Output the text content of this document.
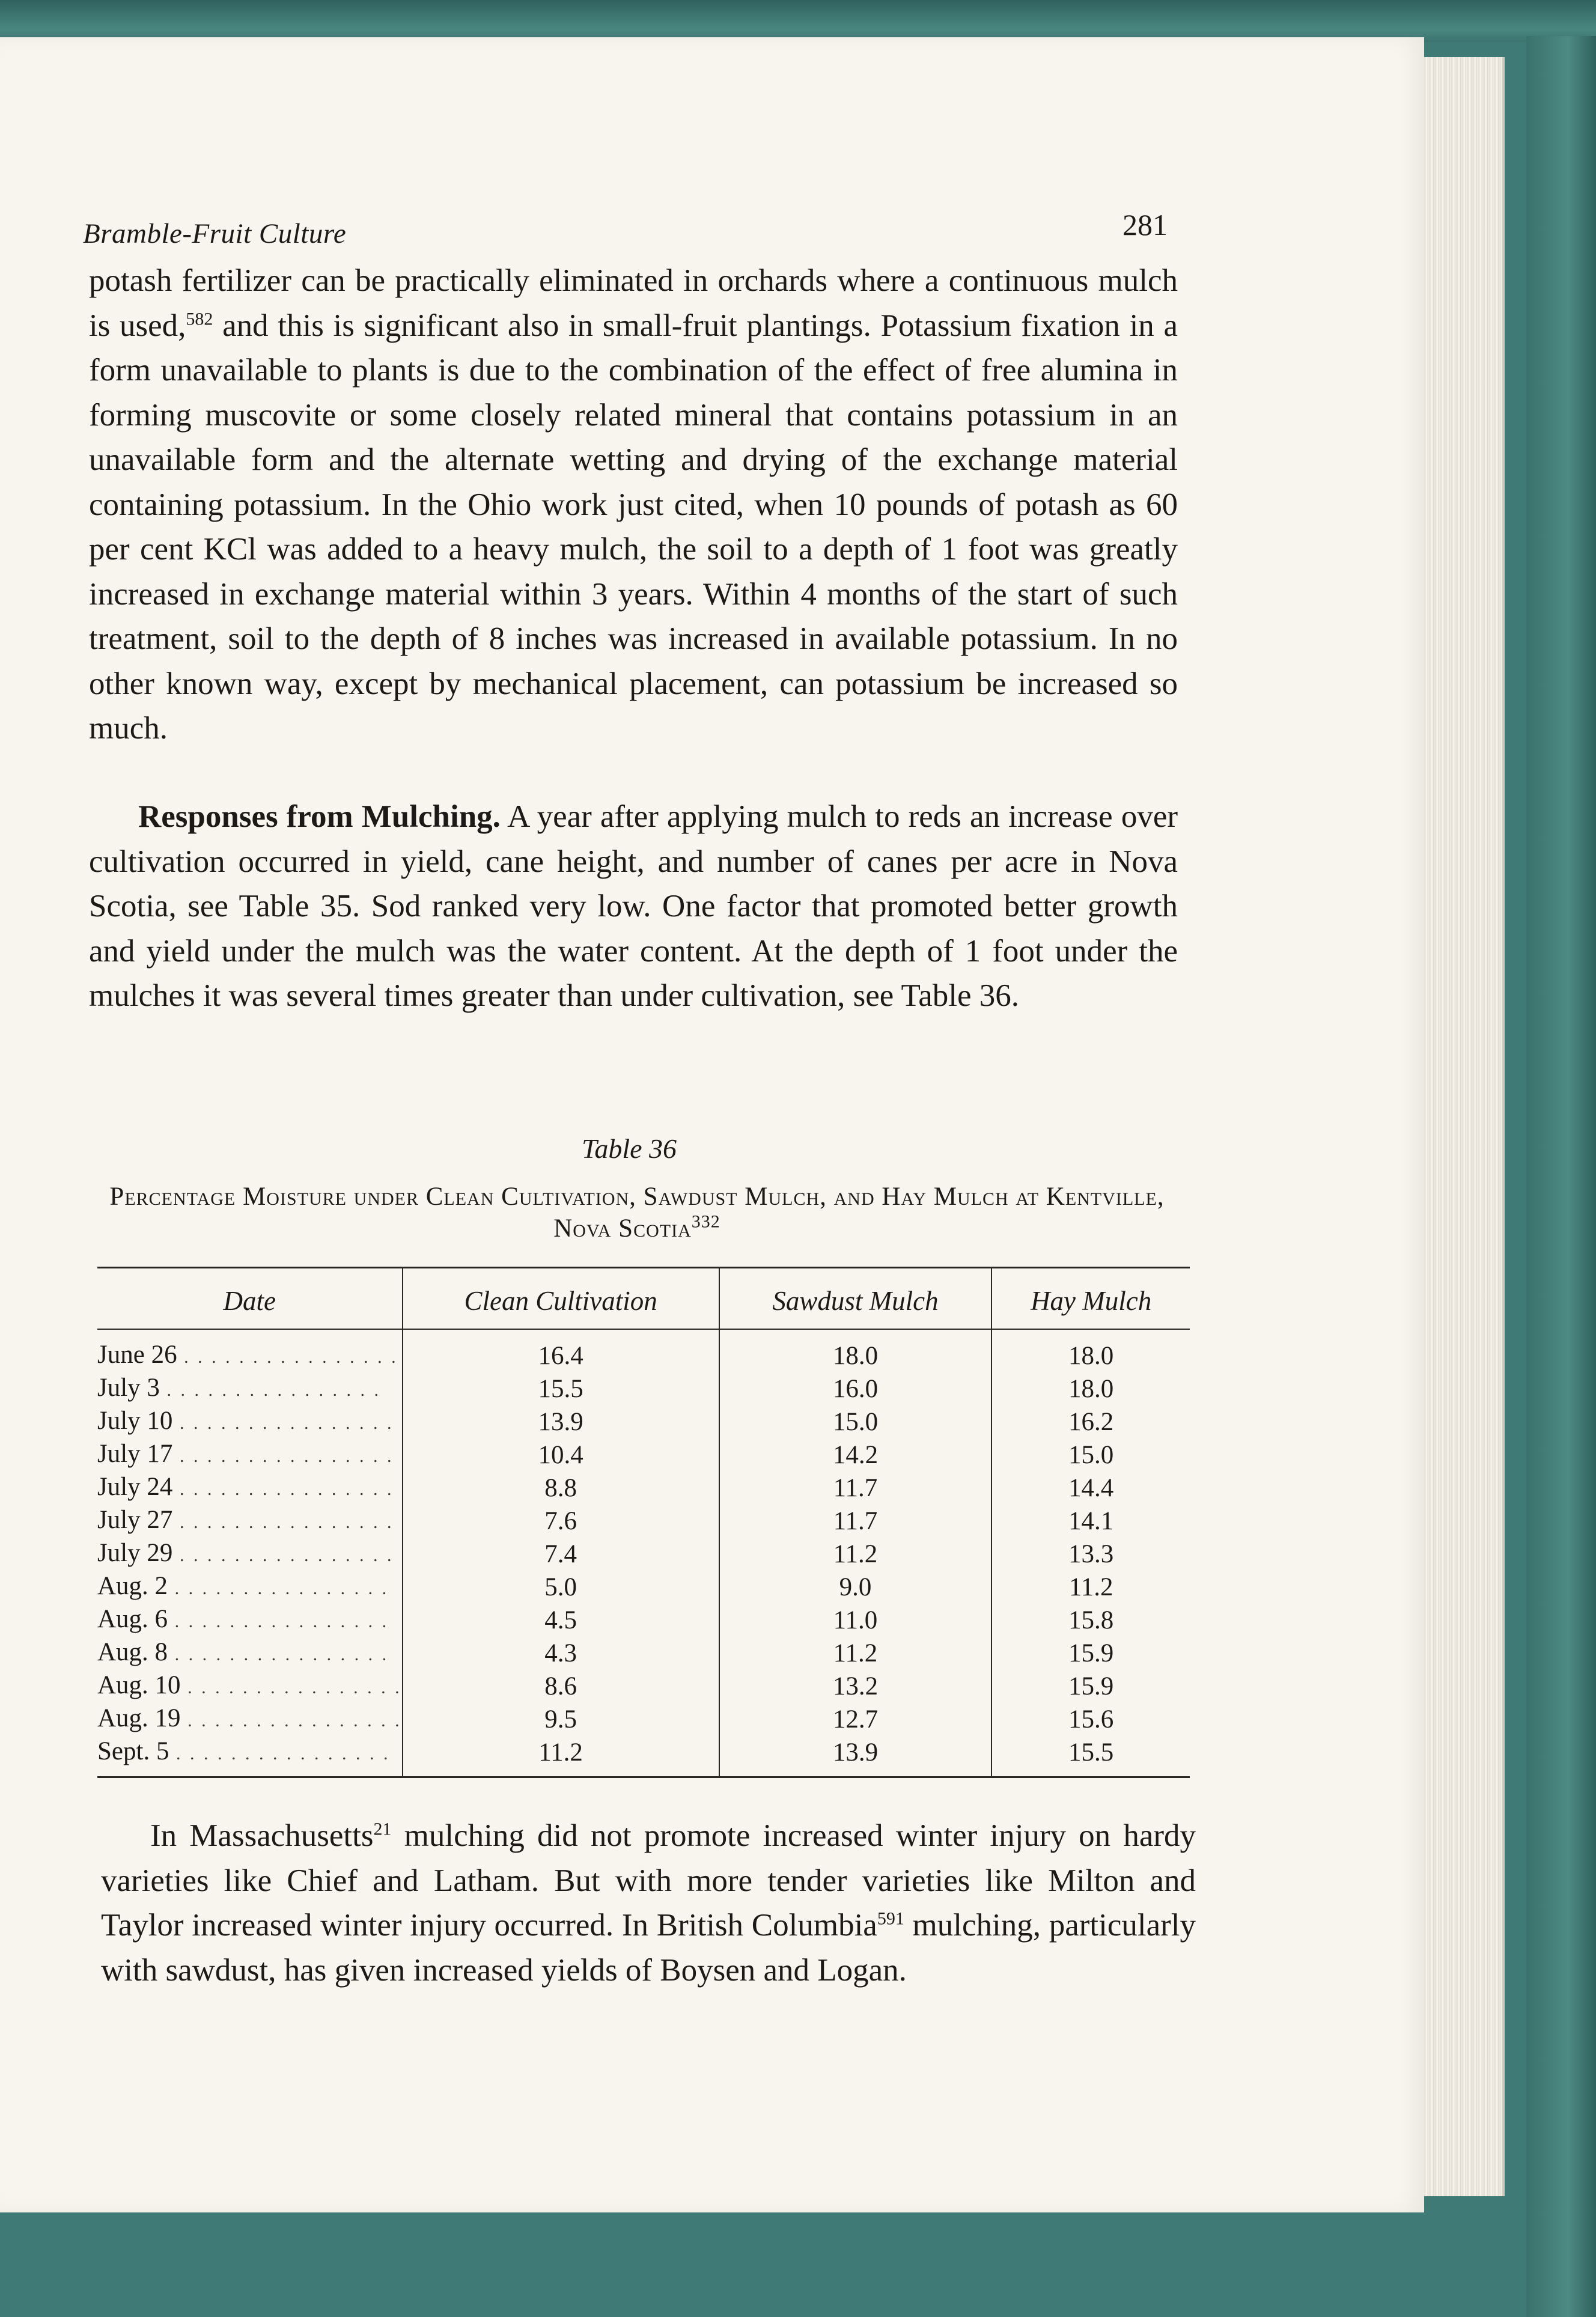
Bramble-Fruit Culture	281

potash fertilizer can be practically eliminated in orchards where a continuous mulch is used,$^{582}$ and this is significant also in small-fruit plantings. Potassium fixation in a form unavailable to plants is due to the combination of the effect of free alumina in forming muscovite or some closely related mineral that contains potassium in an unavailable form and the alternate wetting and drying of the exchange material containing potassium. In the Ohio work just cited, when 10 pounds of potash as 60 per cent KCl was added to a heavy mulch, the soil to a depth of 1 foot was greatly increased in exchange material within 3 years. Within 4 months of the start of such treatment, soil to the depth of 8 inches was increased in available potassium. In no other known way, except by mechanical placement, can potassium be increased so much.

Responses from Mulching. A year after applying mulch to reds an increase over cultivation occurred in yield, cane height, and number of canes per acre in Nova Scotia, see Table 35. Sod ranked very low. One factor that promoted better growth and yield under the mulch was the water content. At the depth of 1 foot under the mulches it was several times greater than under cultivation, see Table 36.

Table 36
Percentage Moisture under Clean Cultivation, Sawdust Mulch, and Hay Mulch at Kentville, Nova Scotia$^{332}$
Date	Clean Cultivation	Sawdust Mulch	Hay Mulch
June 26 . . .	16.4	18.0	18.0
July 3 . . .	15.5	16.0	18.0
July 10 . . .	13.9	15.0	16.2
July 17 . . .	10.4	14.2	15.0
July 24 . . .	8.8	11.7	14.4
July 27 . . .	7.6	11.7	14.1
July 29 . . .	7.4	11.2	13.3
Aug. 2 . . .	5.0	9.0	11.2
Aug. 6 . . .	4.5	11.0	15.8
Aug. 8 . . .	4.3	11.2	15.9
Aug. 10 . . .	8.6	13.2	15.9
Aug. 19 . . .	9.5	12.7	15.6
Sept. 5 . . .	11.2	13.9	15.5

In Massachusetts$^{21}$ mulching did not promote increased winter injury on hardy varieties like Chief and Latham. But with more tender varieties like Milton and Taylor increased winter injury occurred. In British Columbia$^{591}$ mulching, particularly with sawdust, has given increased yields of Boysen and Logan.
